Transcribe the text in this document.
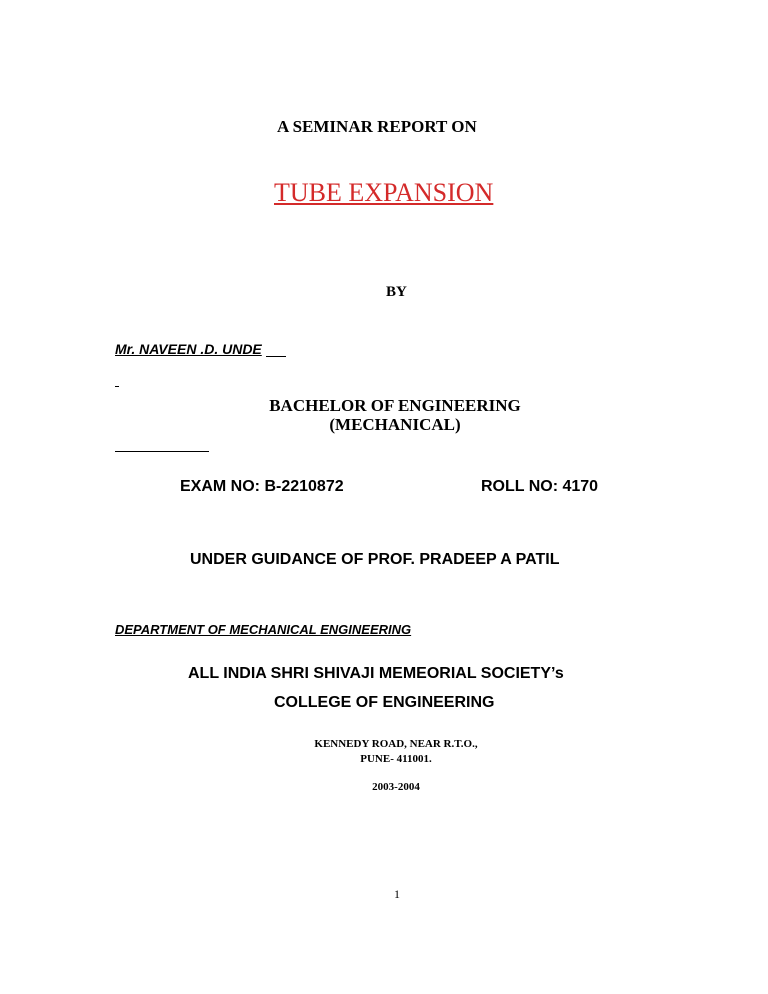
A SEMINAR REPORT ON

TUBE EXPANSION

BY

Mr. NAVEEN .D. UNDE

BACHELOR OF ENGINEERING

(MECHANICAL)

EXAM NO: B-2210872	ROLL NO: 4170

UNDER GUIDANCE OF PROF. PRADEEP A PATIL

DEPARTMENT OF MECHANICAL ENGINEERING

ALL INDIA SHRI SHIVAJI MEMEORIAL SOCIETY’s

COLLEGE OF ENGINEERING

KENNEDY ROAD, NEAR R.T.O.,

PUNE- 411001.

2003-2004

1
